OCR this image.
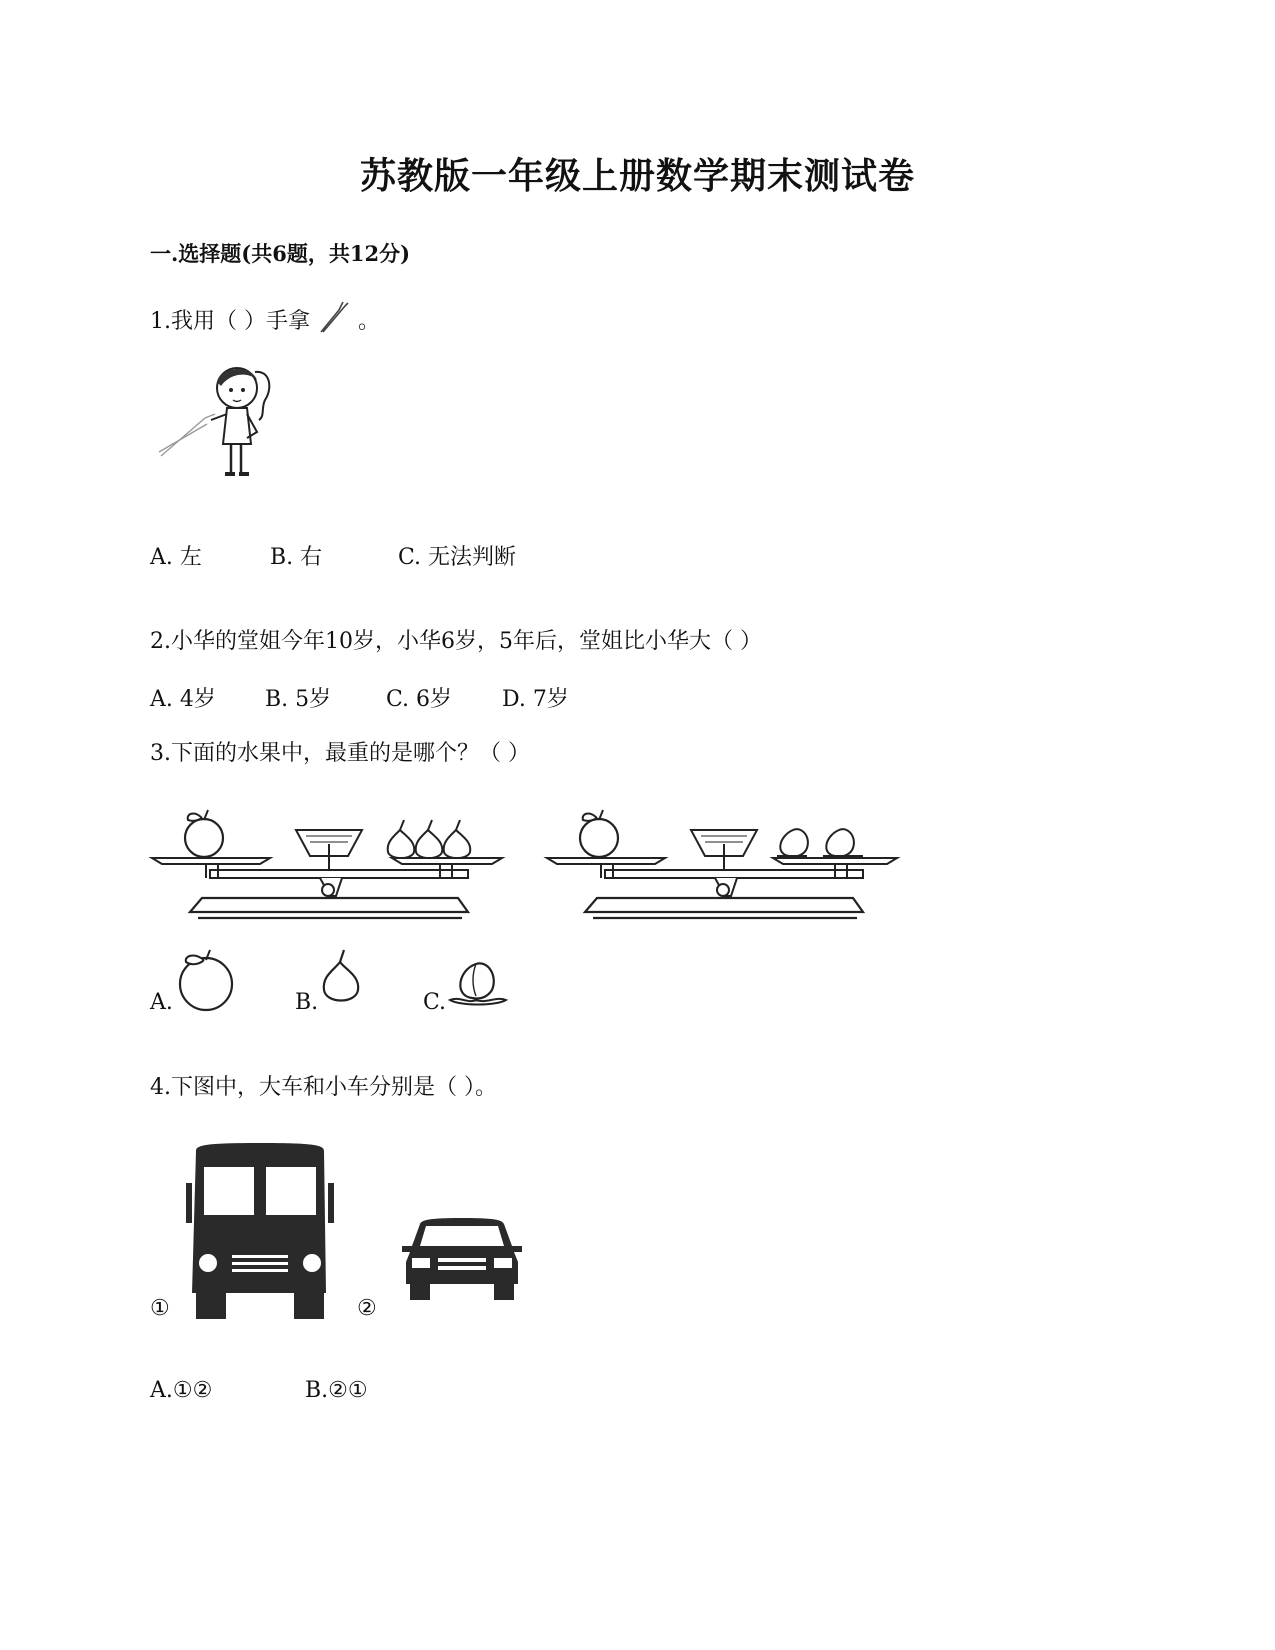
苏教版一年级上册数学期末测试卷
一.选择题(共6题，共12分)
1.我用（ ）手拿 。
A. 左	B. 右	C. 无法判断
2.小华的堂姐今年10岁，小华6岁，5年后，堂姐比小华大（ ）
A. 4岁 B. 5岁 C. 6岁 D. 7岁
3.下面的水果中，最重的是哪个？（ ）
A.	B.	C.
4.下图中，大车和小车分别是（ ）。
①	②
A.①②	B.②①
